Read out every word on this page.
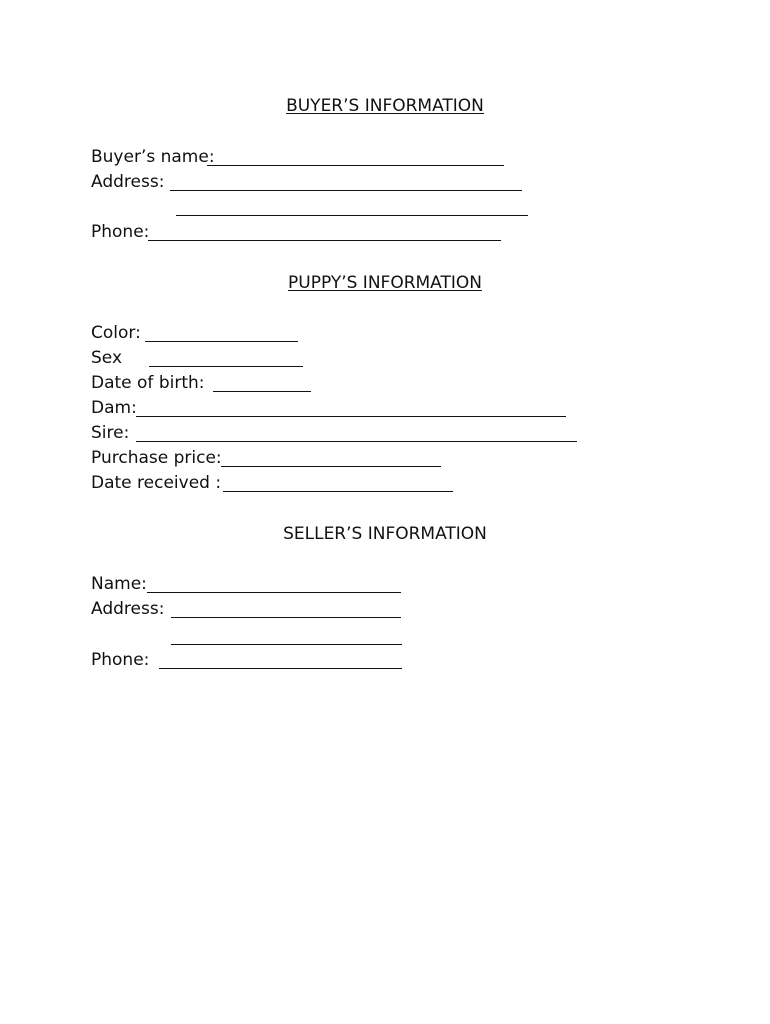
BUYER’S INFORMATION
Buyer’s name:
Address:
Phone:
PUPPY’S INFORMATION
Color:
Sex
Date of birth:
Dam:
Sire:
Purchase price:
Date received :
SELLER’S INFORMATION
Name:
Address:
Phone:
